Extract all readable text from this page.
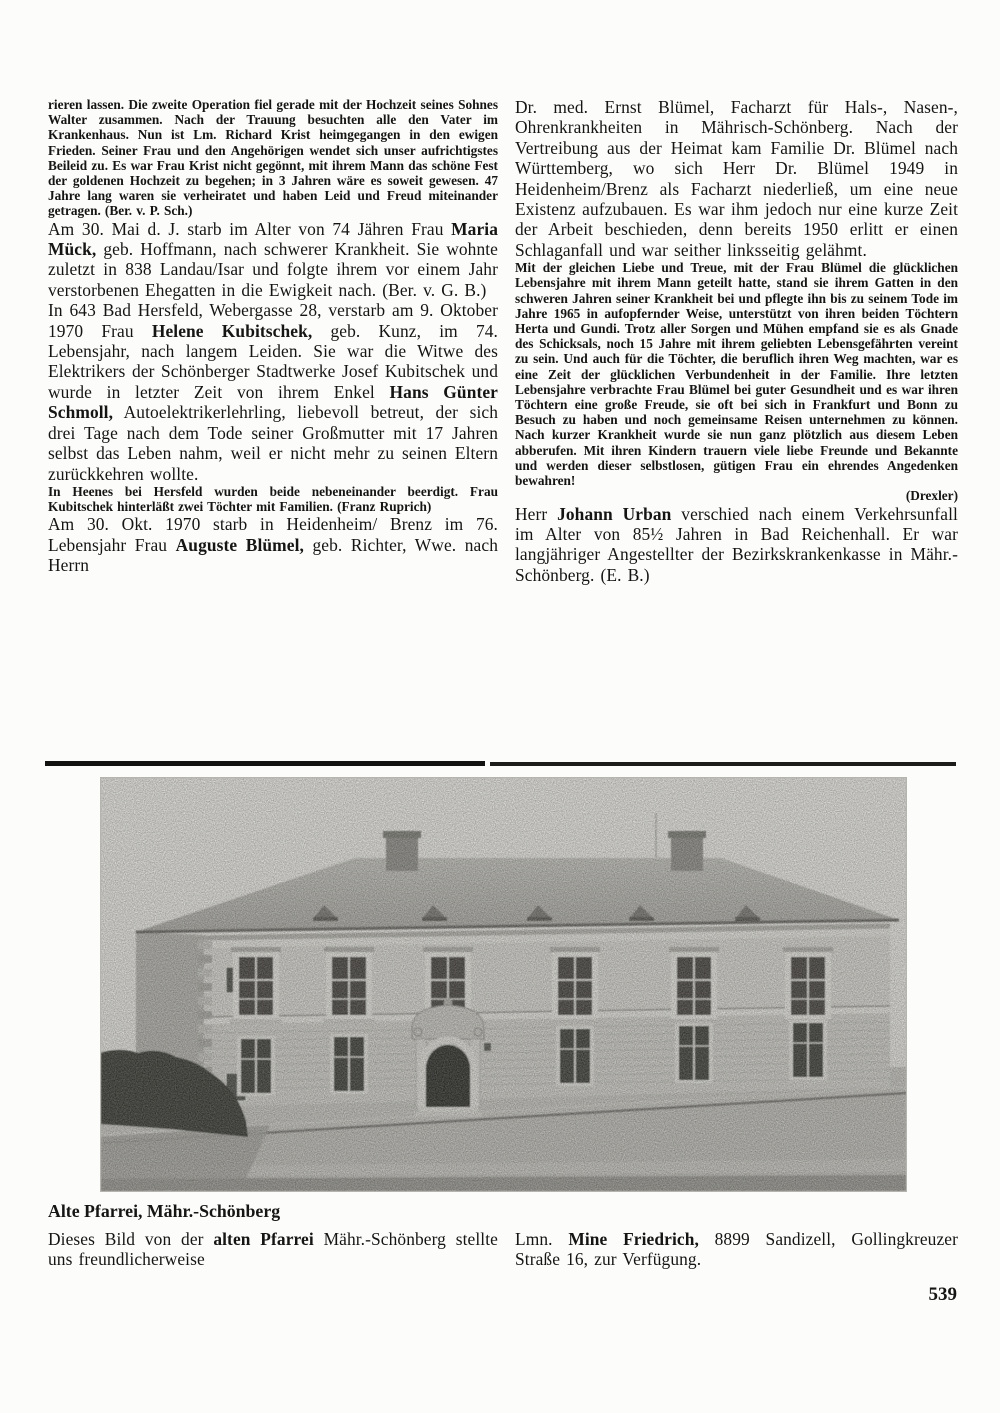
rieren lassen. Die zweite Operation fiel gerade mit der Hochzeit seines Sohnes Walter zusammen. Nach der Trauung besuchten alle den Vater im Krankenhaus. Nun ist Lm. Richard Krist heimgegangen in den ewigen Frieden. Seiner Frau und den Angehörigen wendet sich unser aufrichtigstes Beileid zu. Es war Frau Krist nicht gegönnt, mit ihrem Mann das schöne Fest der goldenen Hochzeit zu begehen; in 3 Jahren wäre es soweit gewesen. 47 Jahre lang waren sie verheiratet und haben Leid und Freud miteinander getragen. (Ber. v. P. Sch.)

Am 30. Mai d. J. starb im Alter von 74 Jähren Frau Maria Mück, geb. Hoffmann, nach schwerer Krankheit. Sie wohnte zuletzt in 838 Landau/Isar und folgte ihrem vor einem Jahr verstorbenen Ehegatten in die Ewigkeit nach. (Ber. v. G. B.)

In 643 Bad Hersfeld, Webergasse 28, verstarb am 9. Oktober 1970 Frau Helene Kubitschek, geb. Kunz, im 74. Lebensjahr, nach langem Leiden. Sie war die Witwe des Elektrikers der Schönberger Stadtwerke Josef Kubitschek und wurde in letzter Zeit von ihrem Enkel Hans Günter Schmoll, Autoelektrikerlehrling, liebevoll betreut, der sich drei Tage nach dem Tode seiner Großmutter mit 17 Jahren selbst das Leben nahm, weil er nicht mehr zu seinen Eltern zurückkehren wollte.

In Heenes bei Hersfeld wurden beide nebeneinander beerdigt. Frau Kubitschek hinterläßt zwei Töchter mit Familien. (Franz Ruprich)

Am 30. Okt. 1970 starb in Heidenheim/ Brenz im 76. Lebensjahr Frau Auguste Blümel, geb. Richter, Wwe. nach Herrn

Dr. med. Ernst Blümel, Facharzt für Hals-, Nasen-, Ohrenkrankheiten in Mährisch-Schönberg. Nach der Vertreibung aus der Heimat kam Familie Dr. Blümel nach Württemberg, wo sich Herr Dr. Blümel 1949 in Heidenheim/Brenz als Facharzt niederließ, um eine neue Existenz aufzubauen. Es war ihm jedoch nur eine kurze Zeit der Arbeit beschieden, denn bereits 1950 erlitt er einen Schlaganfall und war seither linksseitig gelähmt.

Mit der gleichen Liebe und Treue, mit der Frau Blümel die glücklichen Lebensjahre mit ihrem Mann geteilt hatte, stand sie ihrem Gatten in den schweren Jahren seiner Krankheit bei und pflegte ihn bis zu seinem Tode im Jahre 1965 in aufopfernder Weise, unterstützt von ihren beiden Töchtern Herta und Gundi. Trotz aller Sorgen und Mühen empfand sie es als Gnade des Schicksals, noch 15 Jahre mit ihrem geliebten Lebensgefährten vereint zu sein. Und auch für die Töchter, die beruflich ihren Weg machten, war es eine Zeit der glücklichen Verbundenheit in der Familie. Ihre letzten Lebensjahre verbrachte Frau Blümel bei guter Gesundheit und es war ihren Töchtern eine große Freude, sie oft bei sich in Frankfurt und Bonn zu Besuch zu haben und noch gemeinsame Reisen unternehmen zu können. Nach kurzer Krankheit wurde sie nun ganz plötzlich aus diesem Leben abberufen. Mit ihren Kindern trauern viele liebe Freunde und Bekannte und werden dieser selbstlosen, gütigen Frau ein ehrendes Angedenken bewahren!

(Drexler)

Herr Johann Urban verschied nach einem Verkehrsunfall im Alter von 85½ Jahren in Bad Reichenhall. Er war langjähriger Angestellter der Bezirkskrankenkasse in Mähr.-Schönberg. (E. B.)

Alte Pfarrei, Mähr.-Schönberg

Dieses Bild von der alten Pfarrei Mähr.-Schönberg stellte uns freundlicherweise

Lmn. Mine Friedrich, 8899 Sandizell, Gollingkreuzer Straße 16, zur Verfügung.

539
